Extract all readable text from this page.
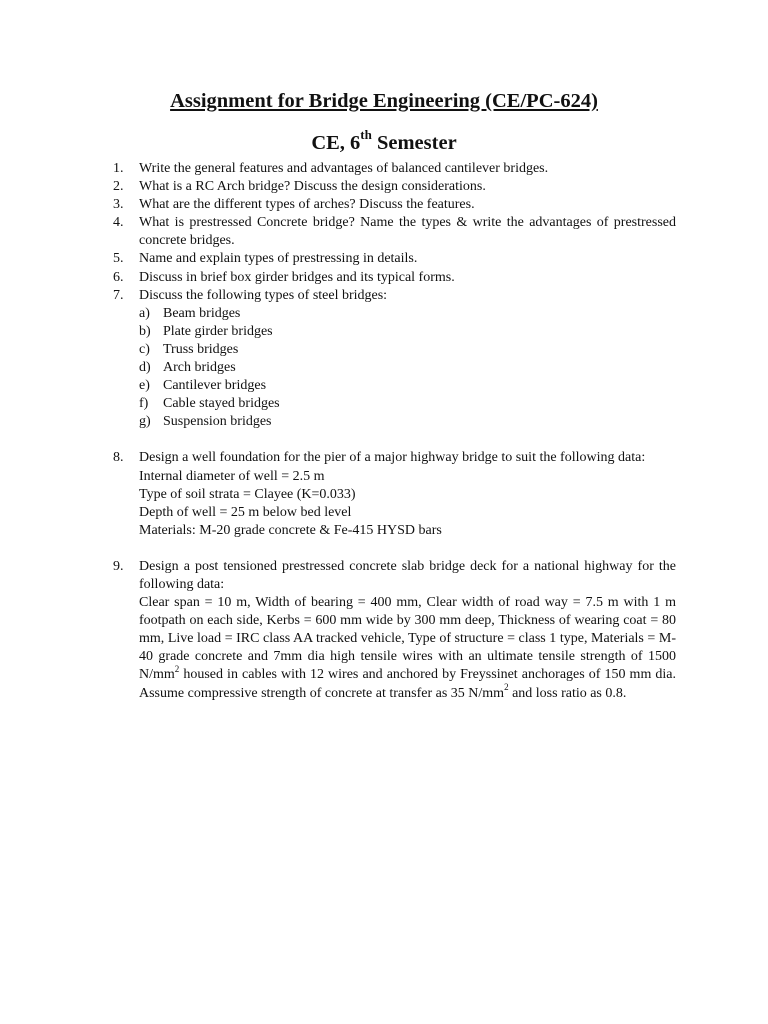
Assignment for Bridge Engineering (CE/PC-624)
CE, 6th Semester
1. Write the general features and advantages of balanced cantilever bridges.
2. What is a RC Arch bridge? Discuss the design considerations.
3. What are the different types of arches? Discuss the features.
4. What is prestressed Concrete bridge? Name the types & write the advantages of prestressed concrete bridges.
5. Name and explain types of prestressing in details.
6. Discuss in brief box girder bridges and its typical forms.
7. Discuss the following types of steel bridges:
a) Beam bridges
b) Plate girder bridges
c) Truss bridges
d) Arch bridges
e) Cantilever bridges
f) Cable stayed bridges
g) Suspension bridges
8. Design a well foundation for the pier of a major highway bridge to suit the following data:
Internal diameter of well = 2.5 m
Type of soil strata = Clayee (K=0.033)
Depth of well = 25 m below bed level
Materials: M-20 grade concrete & Fe-415 HYSD bars
9. Design a post tensioned prestressed concrete slab bridge deck for a national highway for the following data:
Clear span = 10 m, Width of bearing = 400 mm, Clear width of road way = 7.5 m with 1 m footpath on each side, Kerbs = 600 mm wide by 300 mm deep, Thickness of wearing coat = 80 mm, Live load = IRC class AA tracked vehicle, Type of structure = class 1 type, Materials = M-40 grade concrete and 7mm dia high tensile wires with an ultimate tensile strength of 1500 $N/mm^2$ housed in cables with 12 wires and anchored by Freyssinet anchorages of 150 mm dia. Assume compressive strength of concrete at transfer as 35 $N/mm^2$ and loss ratio as 0.8.
